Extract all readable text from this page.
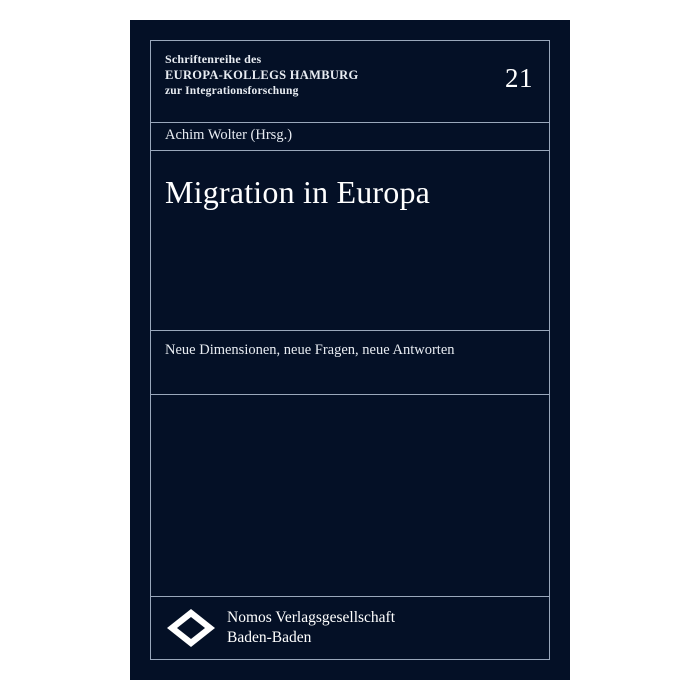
Schriftenreihe des
EUROPA-KOLLEGS HAMBURG
zur Integrationsforschung	21
Achim Wolter (Hrsg.)
Migration in Europa
Neue Dimensionen, neue Fragen, neue Antworten
Nomos Verlagsgesellschaft
Baden-Baden
